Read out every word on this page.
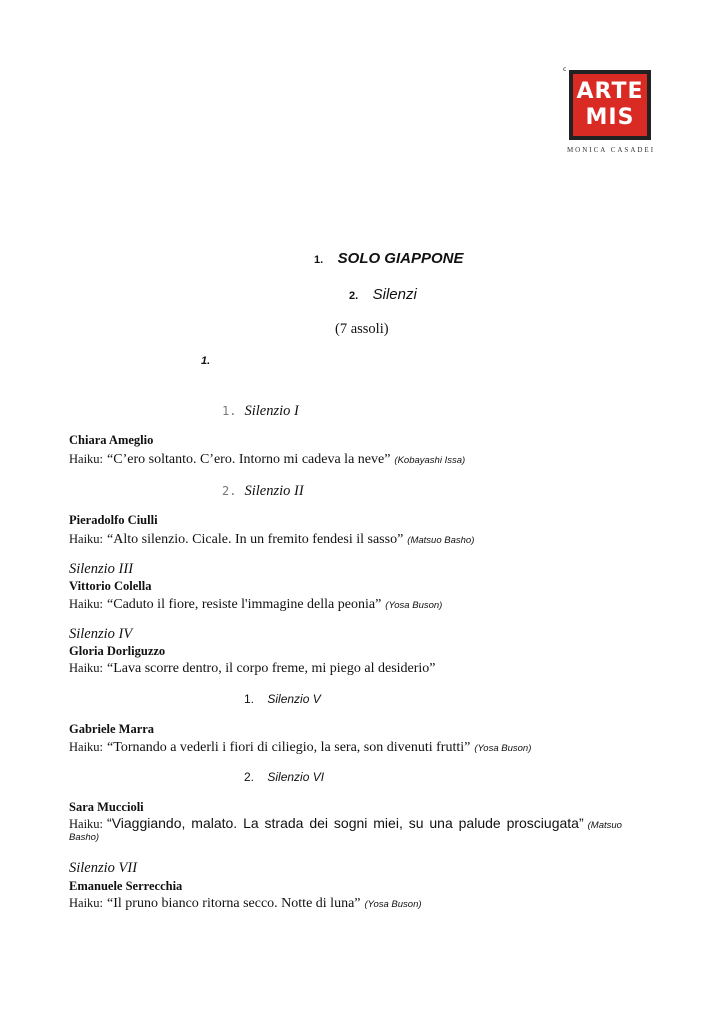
c
ARTE
MIS
MONICA CASADEI
1. SOLO GIAPPONE
2. Silenzi
(7 assoli)
1.
1. Silenzio I
Chiara Ameglio
Haiku: “C’ero soltanto. C’ero. Intorno mi cadeva la neve” (Kobayashi Issa)
2. Silenzio II
Pieradolfo Ciulli
Haiku: “Alto silenzio. Cicale. In un fremito fendesi il sasso” (Matsuo Basho)
Silenzio III
Vittorio Colella
Haiku: “Caduto il fiore, resiste l'immagine della peonia” (Yosa Buson)
Silenzio IV
Gloria Dorliguzzo
Haiku: “Lava scorre dentro, il corpo freme, mi piego al desiderio”
1. Silenzio V
Gabriele Marra
Haiku: “Tornando a vederli i fiori di ciliegio, la sera, son divenuti frutti” (Yosa Buson)
2. Silenzio VI
Sara Muccioli
Haiku: “Viaggiando, malato. La strada dei sogni miei, su una palude prosciugata” (Matsuo
Basho)
Silenzio VII
Emanuele Serrecchia
Haiku: “Il pruno bianco ritorna secco. Notte di luna” (Yosa Buson)
